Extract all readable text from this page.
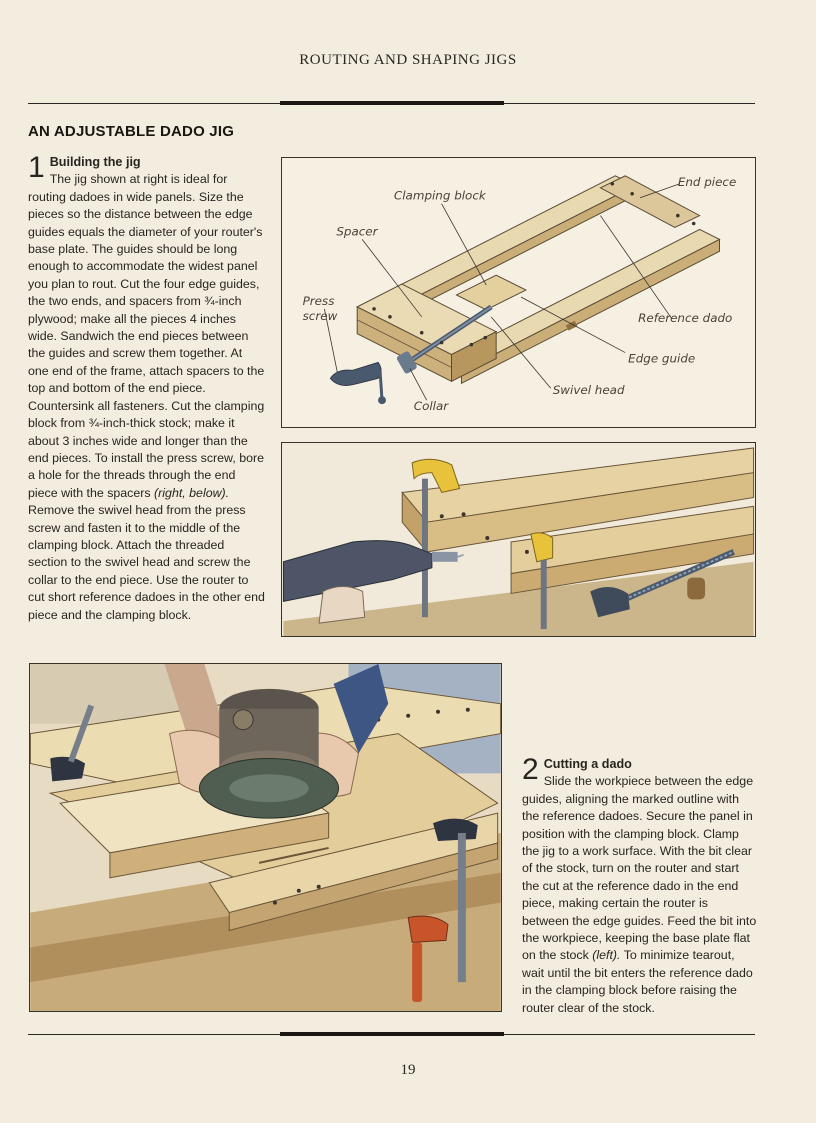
ROUTING AND SHAPING JIGS
AN ADJUSTABLE DADO JIG
1 Building the jig
The jig shown at right is ideal for routing dadoes in wide panels. Size the pieces so the distance between the edge guides equals the diameter of your router's base plate. The guides should be long enough to accommodate the widest panel you plan to rout. Cut the four edge guides, the two ends, and spacers from ¾-inch plywood; make all the pieces 4 inches wide. Sandwich the end pieces between the guides and screw them together. At one end of the frame, attach spacers to the top and bottom of the end piece. Countersink all fasteners. Cut the clamping block from ¾-inch-thick stock; make it about 3 inches wide and longer than the end pieces. To install the press screw, bore a hole for the threads through the end piece with the spacers (right, below). Remove the swivel head from the press screw and fasten it to the middle of the clamping block. Attach the threaded section to the swivel head and screw the collar to the end piece. Use the router to cut short reference dadoes in the other end piece and the clamping block.
Clamping block
End piece
Spacer
Press
screw	Reference dado
Edge guide
Swivel head
Collar
2 Cutting a dado
Slide the workpiece between the edge guides, aligning the marked outline with the reference dadoes. Secure the panel in position with the clamping block. Clamp the jig to a work surface. With the bit clear of the stock, turn on the router and start the cut at the reference dado in the end piece, making certain the router is between the edge guides. Feed the bit into the workpiece, keeping the base plate flat on the stock (left). To minimize tearout, wait until the bit enters the reference dado in the clamping block before raising the router clear of the stock.
19
